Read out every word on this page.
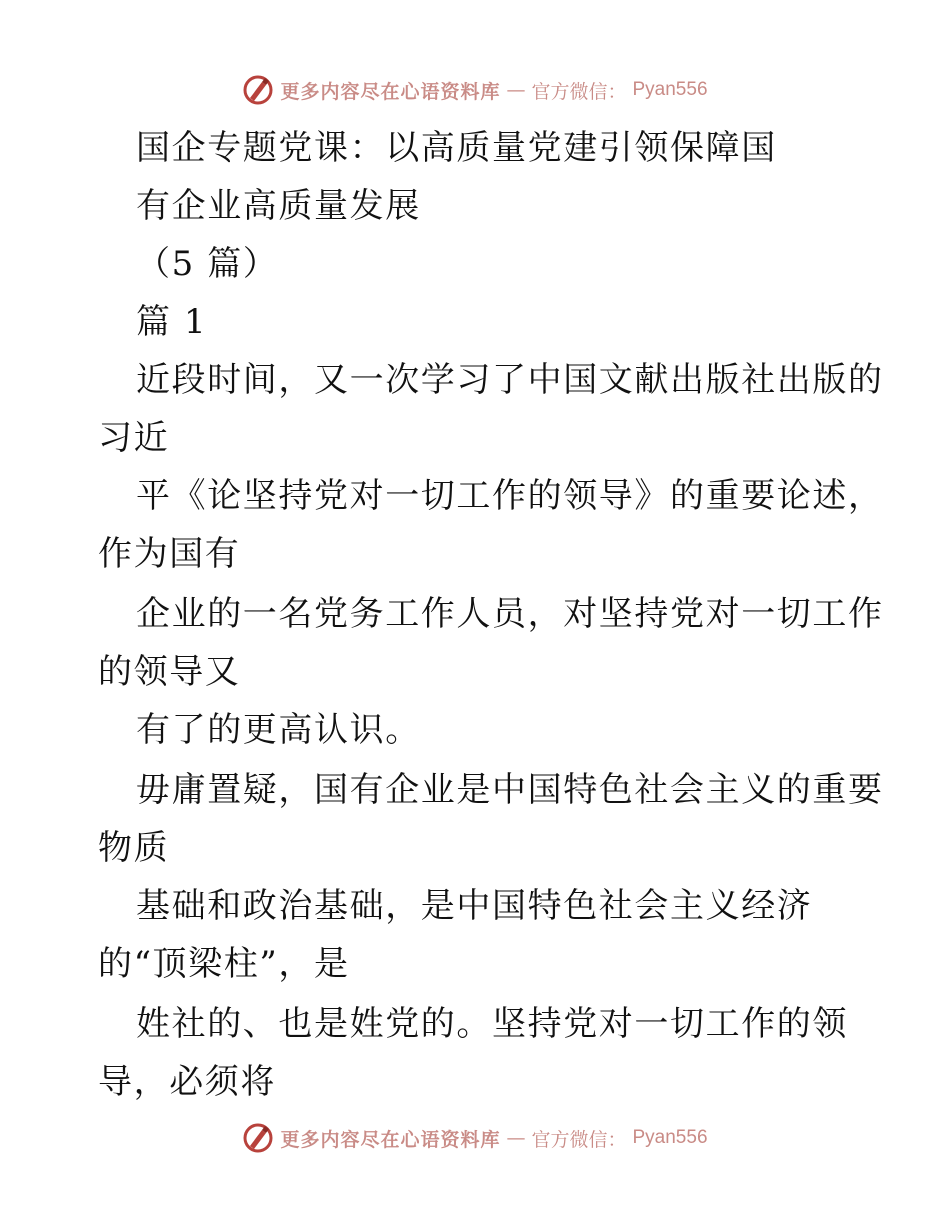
更多内容尽在心语资料库 — 官方微信： Pyan556
国企专题党课：以高质量党建引领保障国
有企业高质量发展
（5 篇）
篇 1
近段时间，又一次学习了中国文献出版社出版的
习近
平《论坚持党对一切工作的领导》的重要论述，
作为国有
企业的一名党务工作人员，对坚持党对一切工作
的领导又
有了的更高认识。
毋庸置疑，国有企业是中国特色社会主义的重要
物质
基础和政治基础，是中国特色社会主义经济
的“顶梁柱”，是
姓社的、也是姓党的。坚持党对一切工作的领
导，必须将
更多内容尽在心语资料库 — 官方微信： Pyan556
